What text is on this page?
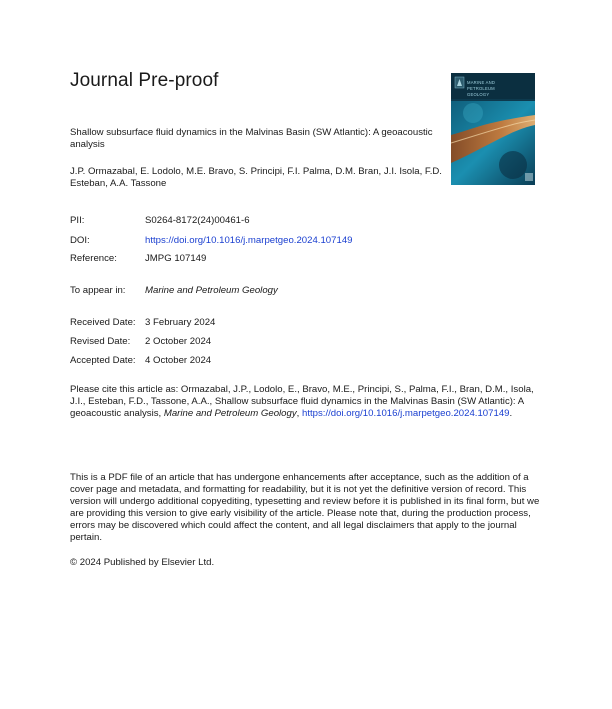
Journal Pre-proof
Shallow subsurface fluid dynamics in the Malvinas Basin (SW Atlantic): A geoacoustic analysis
J.P. Ormazabal, E. Lodolo, M.E. Bravo, S. Principi, F.I. Palma, D.M. Bran, J.I. Isola, F.D. Esteban, A.A. Tassone
MARINE AND
PETROLEUM
GEOLOGY
PII:	S0264-8172(24)00461-6
DOI:	https://doi.org/10.1016/j.marpetgeo.2024.107149
Reference:	JMPG 107149
To appear in: Marine and Petroleum Geology
Received Date: 3 February 2024
Revised Date: 2 October 2024
Accepted Date: 4 October 2024
Please cite this article as: Ormazabal, J.P., Lodolo, E., Bravo, M.E., Principi, S., Palma, F.I., Bran, D.M., Isola, J.I., Esteban, F.D., Tassone, A.A., Shallow subsurface fluid dynamics in the Malvinas Basin (SW Atlantic): A geoacoustic analysis, Marine and Petroleum Geology, https://doi.org/10.1016/j.marpetgeo.2024.107149.
This is a PDF file of an article that has undergone enhancements after acceptance, such as the addition of a cover page and metadata, and formatting for readability, but it is not yet the definitive version of record. This version will undergo additional copyediting, typesetting and review before it is published in its final form, but we are providing this version to give early visibility of the article. Please note that, during the production process, errors may be discovered which could affect the content, and all legal disclaimers that apply to the journal pertain.
© 2024 Published by Elsevier Ltd.
